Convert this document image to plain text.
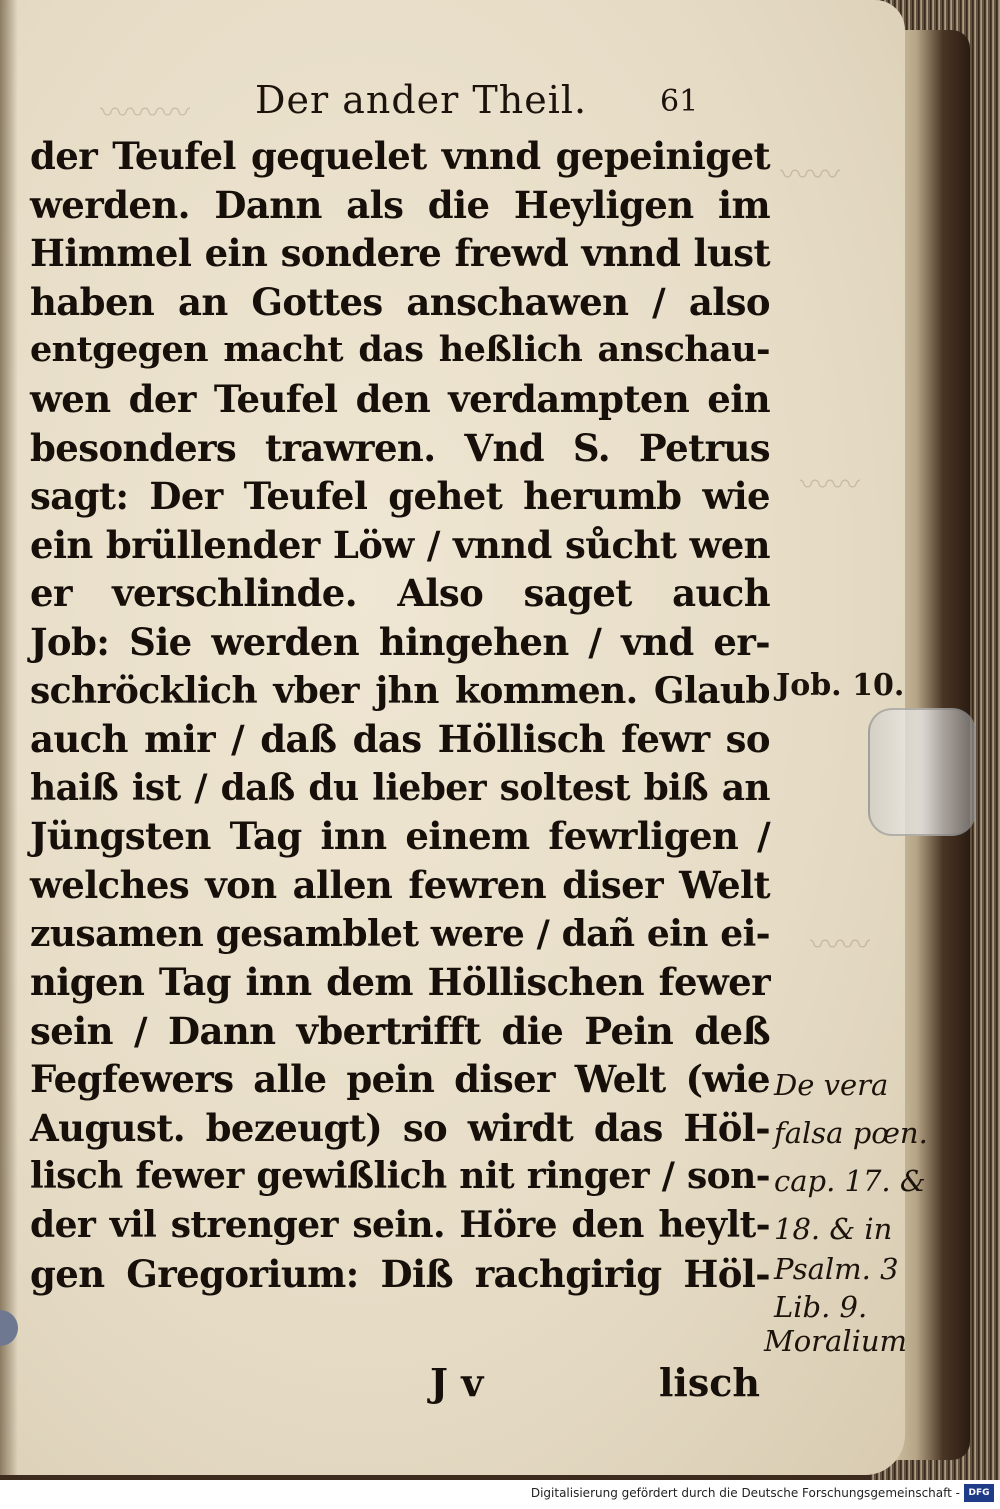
〰〰〰
〰〰
〰〰
〰〰
Der ander Theil. 61
der Teufel gequelet vnnd gepeiniget
werden. Dann als die Heyligen im
Himmel ein sondere frewd vnnd lust
haben an Gottes anschawen / also
entgegen macht das heßlich anschau-
wen der Teufel den verdampten ein
besonders trawren. Vnd S. Petrus
sagt: Der Teufel gehet herumb wie
ein brüllender Löw / vnnd sůcht wen
er verschlinde. Also saget auch
Job: Sie werden hingehen / vnd er-
schröcklich vber jhn kommen. Glaub
auch mir / daß das Höllisch fewr so
haiß ist / daß du lieber soltest biß an
Jüngsten Tag inn einem fewrligen /
welches von allen fewren diser Welt
zusamen gesamblet were / dañ ein ei-
nigen Tag inn dem Höllischen fewer
sein / Dann vbertrifft die Pein deß
Fegfewers alle pein diser Welt (wie
August. bezeugt) so wirdt das Höl-
lisch fewer gewißlich nit ringer / son-
der vil strenger sein. Höre den heylt-
gen Gregorium: Diß rachgirig Höl-
J v	lisch
Job. 10.
De vera
falsa pœn.
cap. 17. &
18. & in
Psalm. 3
Lib. 9.
Moralium
Digitalisierung gefördert durch die Deutsche Forschungsgemeinschaft - DFG
